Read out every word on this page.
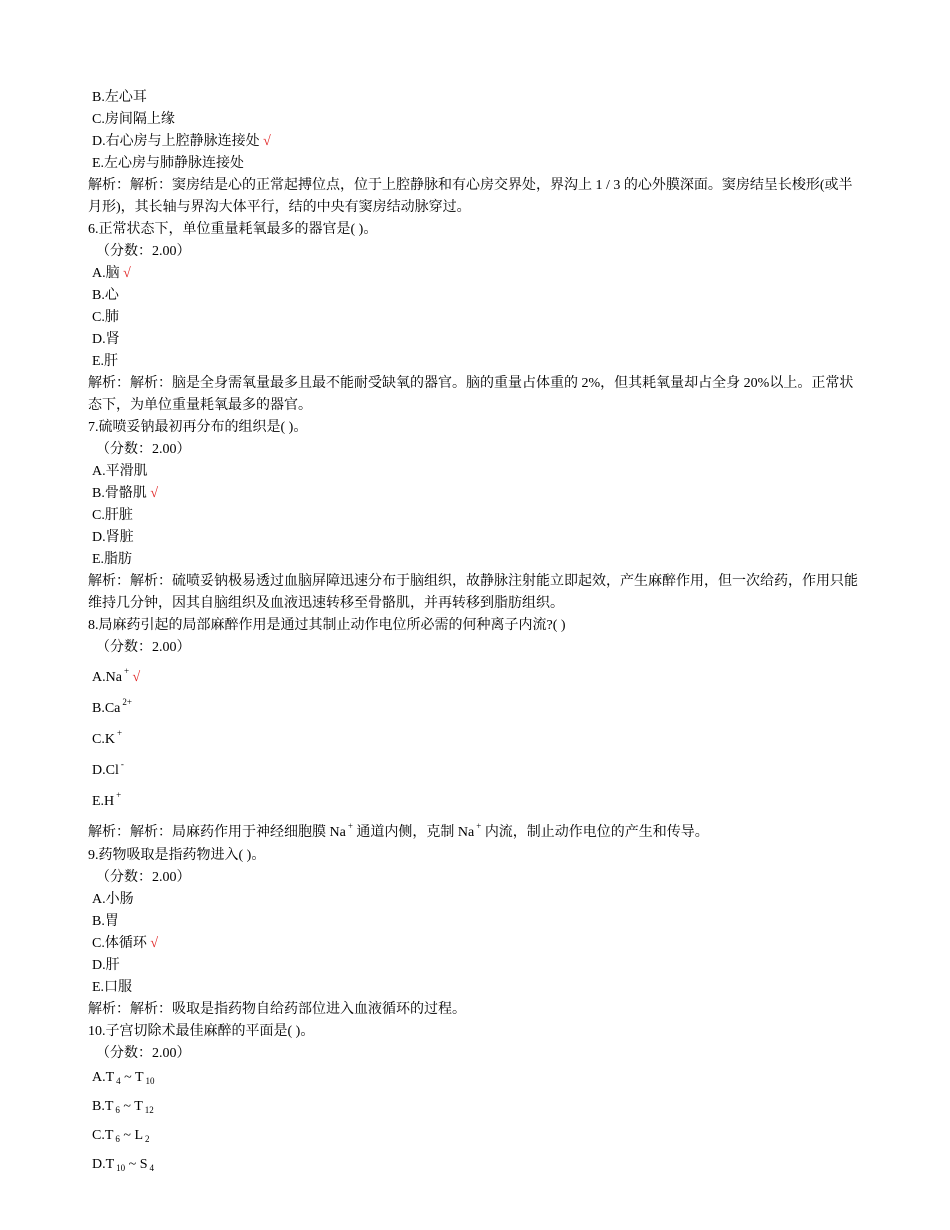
B.左心耳
C.房间隔上缘
D.右心房与上腔静脉连接处 √
E.左心房与肺静脉连接处
解析：解析：窦房结是心的正常起搏位点，位于上腔静脉和有心房交界处，界沟上 1 / 3 的心外膜深面。窦房结呈长梭形(或半月形)，其长轴与界沟大体平行，结的中央有窦房结动脉穿过。
6.正常状态下，单位重量耗氧最多的器官是( )。
（分数：2.00）
A.脑 √
B.心
C.肺
D.肾
E.肝
解析：解析：脑是全身需氧量最多且最不能耐受缺氧的器官。脑的重量占体重的 2%，但其耗氧量却占全身 20%以上。正常状态下，为单位重量耗氧最多的器官。
7.硫喷妥钠最初再分布的组织是( )。
（分数：2.00）
A.平滑肌
B.骨骼肌 √
C.肝脏
D.肾脏
E.脂肪
解析：解析：硫喷妥钠极易透过血脑屏障迅速分布于脑组织，故静脉注射能立即起效，产生麻醉作用，但一次给药，作用只能维持几分钟，因其自脑组织及血液迅速转移至骨骼肌，并再转移到脂肪组织。
8.局麻药引起的局部麻醉作用是通过其制止动作电位所必需的何种离子内流?( )
（分数：2.00）
A.Na + √
B.Ca $^{2+}$
C.K +
D.Cl -
E.H +
解析：解析：局麻药作用于神经细胞膜 Na + 通道内侧，克制 Na + 内流，制止动作电位的产生和传导。
9.药物吸取是指药物进入( )。
（分数：2.00）
A.小肠
B.胃
C.体循环 √
D.肝
E.口服
解析：解析：吸取是指药物自给药部位进入血液循环的过程。
10.子宫切除术最佳麻醉的平面是( )。
（分数：2.00）
A.T $_4$ ~ T $_{10}$
B.T $_6$ ~ T $_{12}$
C.T $_6$ ~ L $_2$
D.T $_{10}$ ~ S $_4$
